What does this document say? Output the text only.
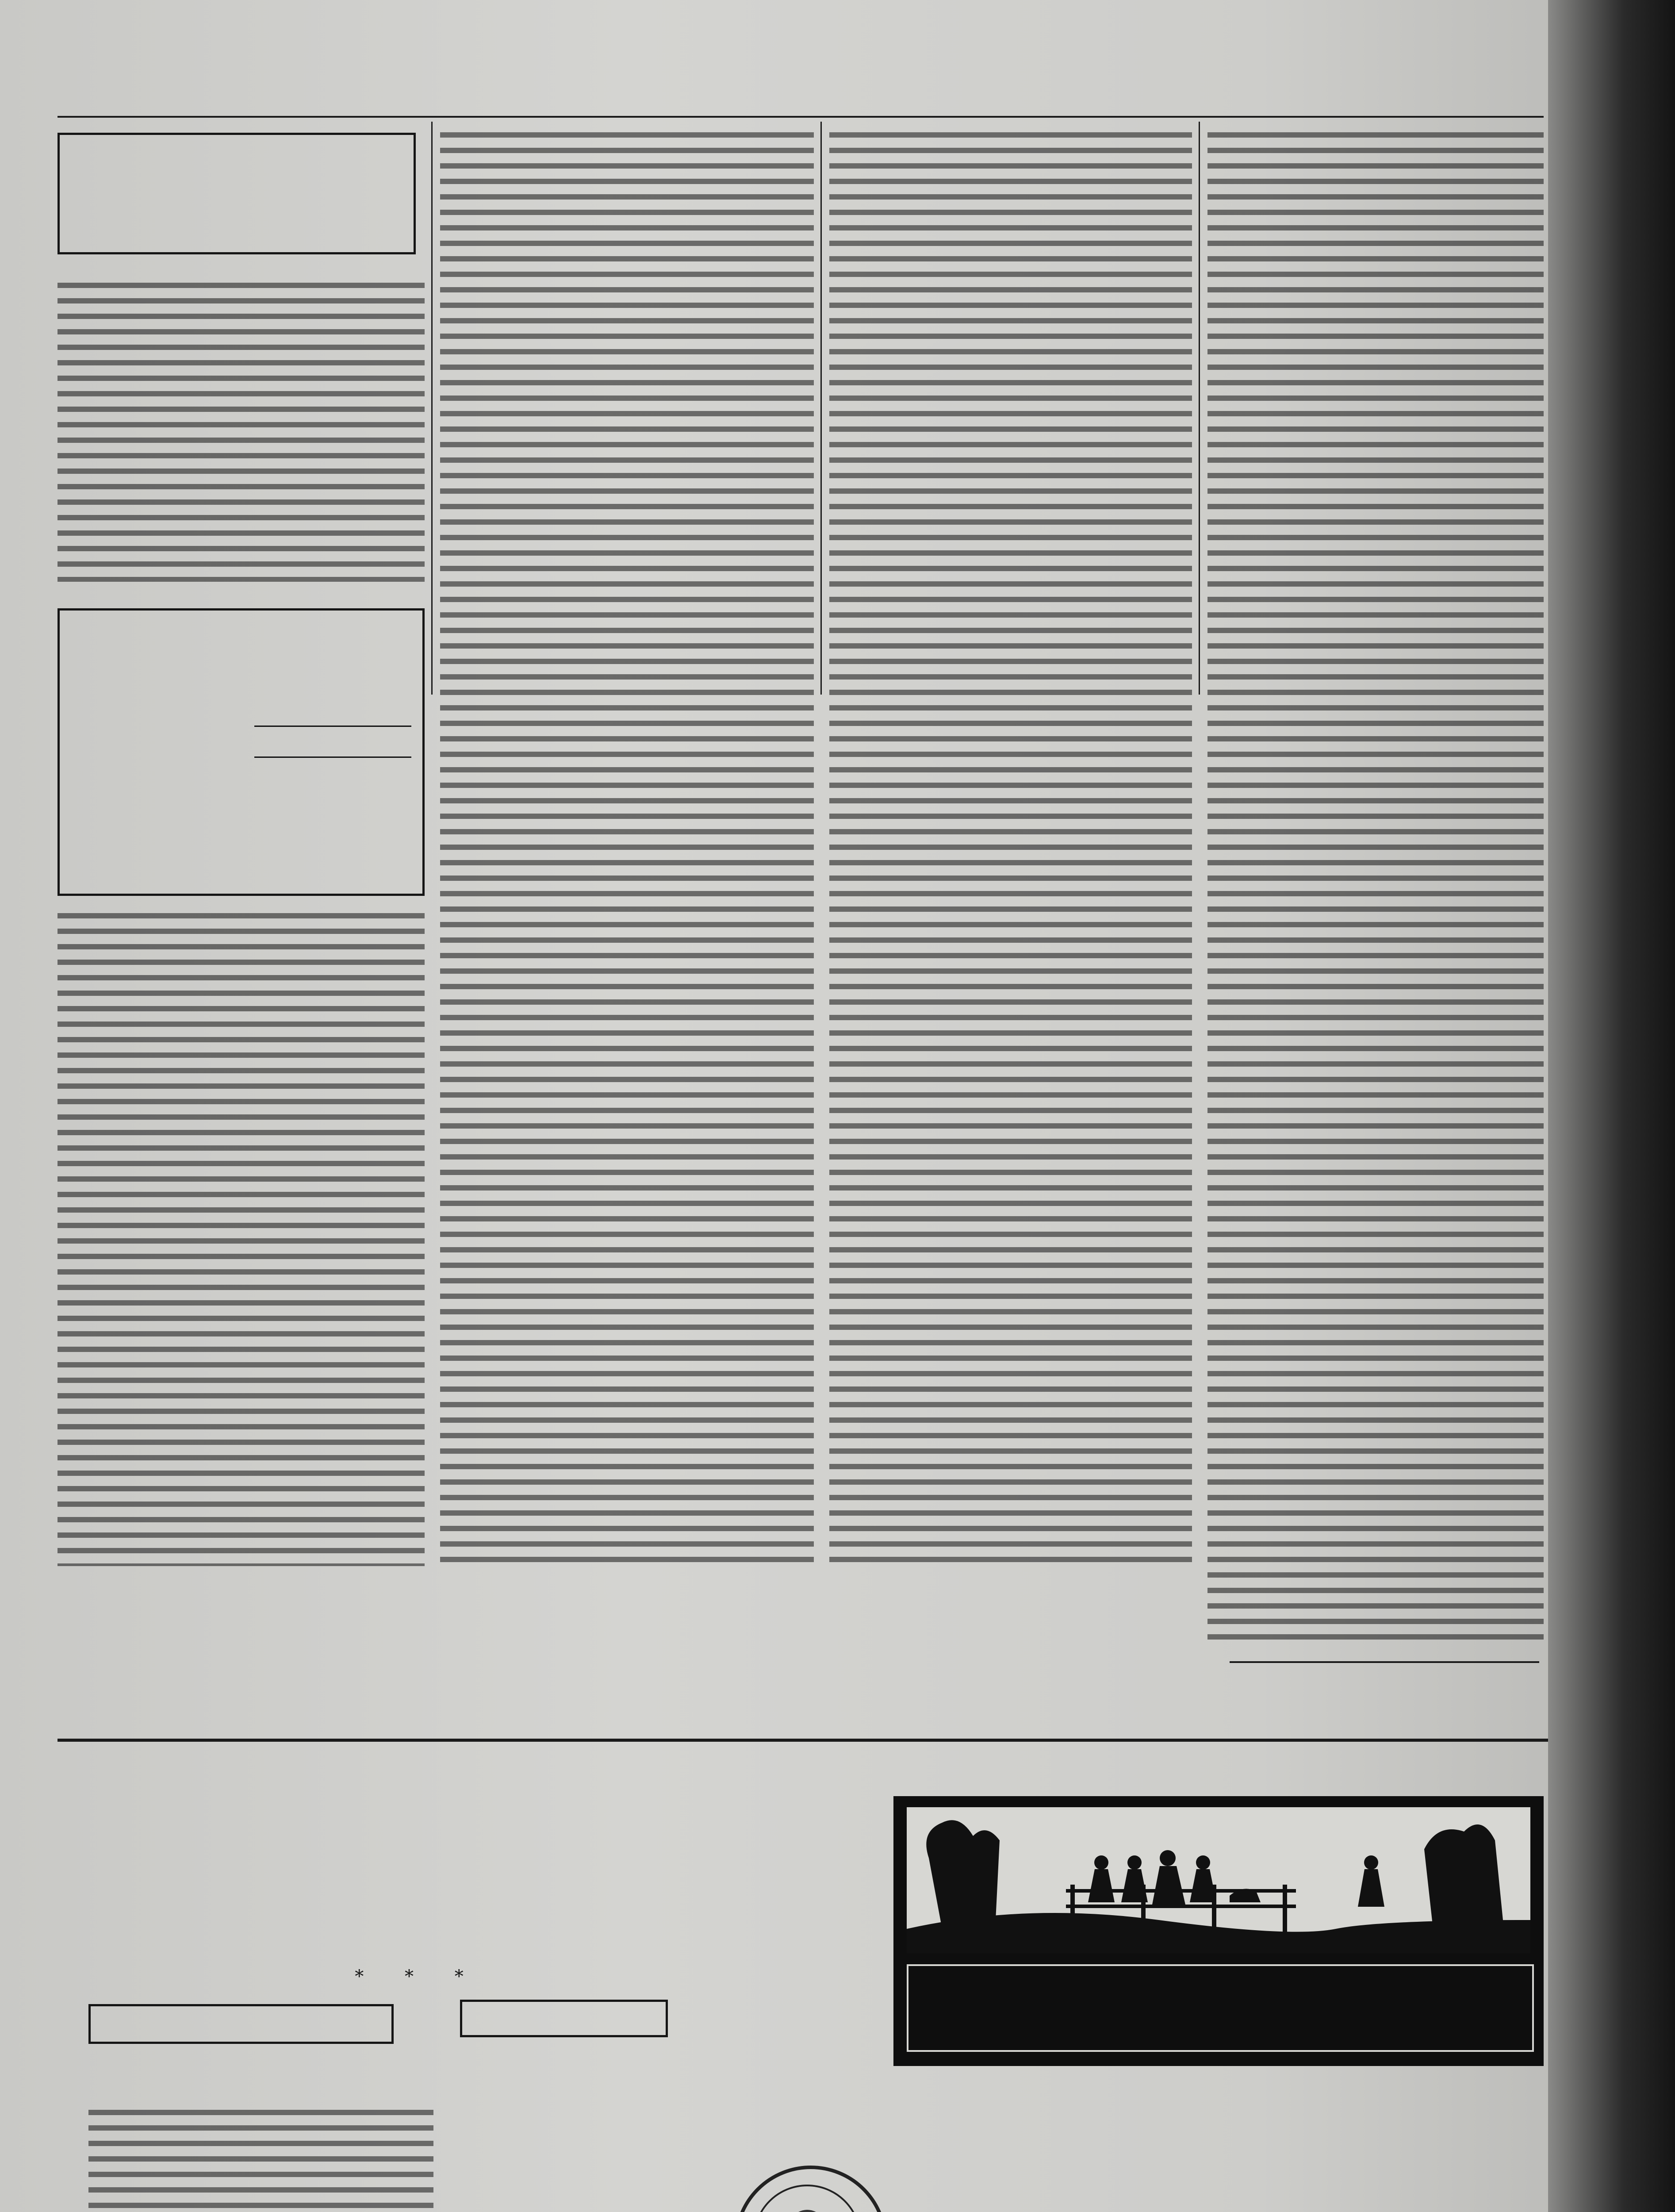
* * *
